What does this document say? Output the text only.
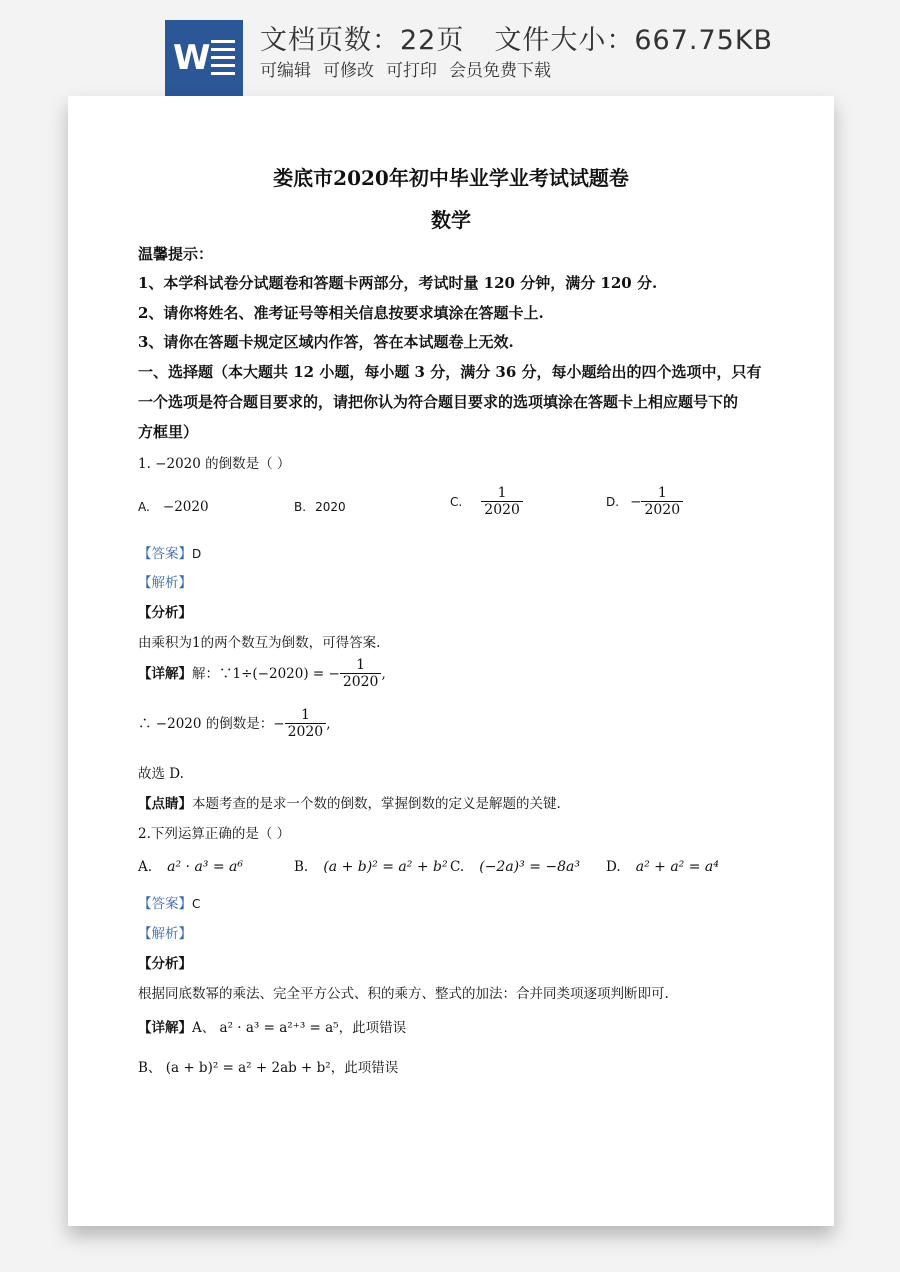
W 文档页数：22页 文件大小：667.75KB
可编辑 可修改 可打印 会员免费下载
娄底市2020年初中毕业学业考试试题卷
数学
温馨提示：
1、本学科试卷分试题卷和答题卡两部分，考试时量 120 分钟，满分 120 分.
2、请你将姓名、准考证号等相关信息按要求填涂在答题卡上.
3、请你在答题卡规定区域内作答，答在本试题卷上无效.
一、选择题（本大题共 12 小题，每小题 3 分，满分 36 分，每小题给出的四个选项中，只有
一个选项是符合题目要求的，请把你认为符合题目要求的选项填涂在答题卡上相应题号下的
方框里）
1. −2020 的倒数是（ ）
A. −2020	B. 2020	C. $\frac{1}{2020}$	D. − $\frac{1}{2020}$
【答案】D
【解析】
【分析】
由乘积为1的两个数互为倒数，可得答案.
【详解】解：∵1÷(−2020) = − $\frac{1}{2020}$ ,
∴ −2020 的倒数是：− $\frac{1}{2020}$ ,
故选 D.
【点睛】本题考查的是求一个数的倒数，掌握倒数的定义是解题的关键.
2.下列运算正确的是（ ）
A. a² · a³ = a⁶	B. (a + b)² = a² + b² C. (−2a)³ = −8a³ D. a² + a² = a⁴
【答案】C
【解析】
【分析】
根据同底数幂的乘法、完全平方公式、积的乘方、整式的加法：合并同类项逐项判断即可.
【详解】A、 a² · a³ = a²⁺³ = a⁵，此项错误
B、 (a + b)² = a² + 2ab + b²，此项错误
